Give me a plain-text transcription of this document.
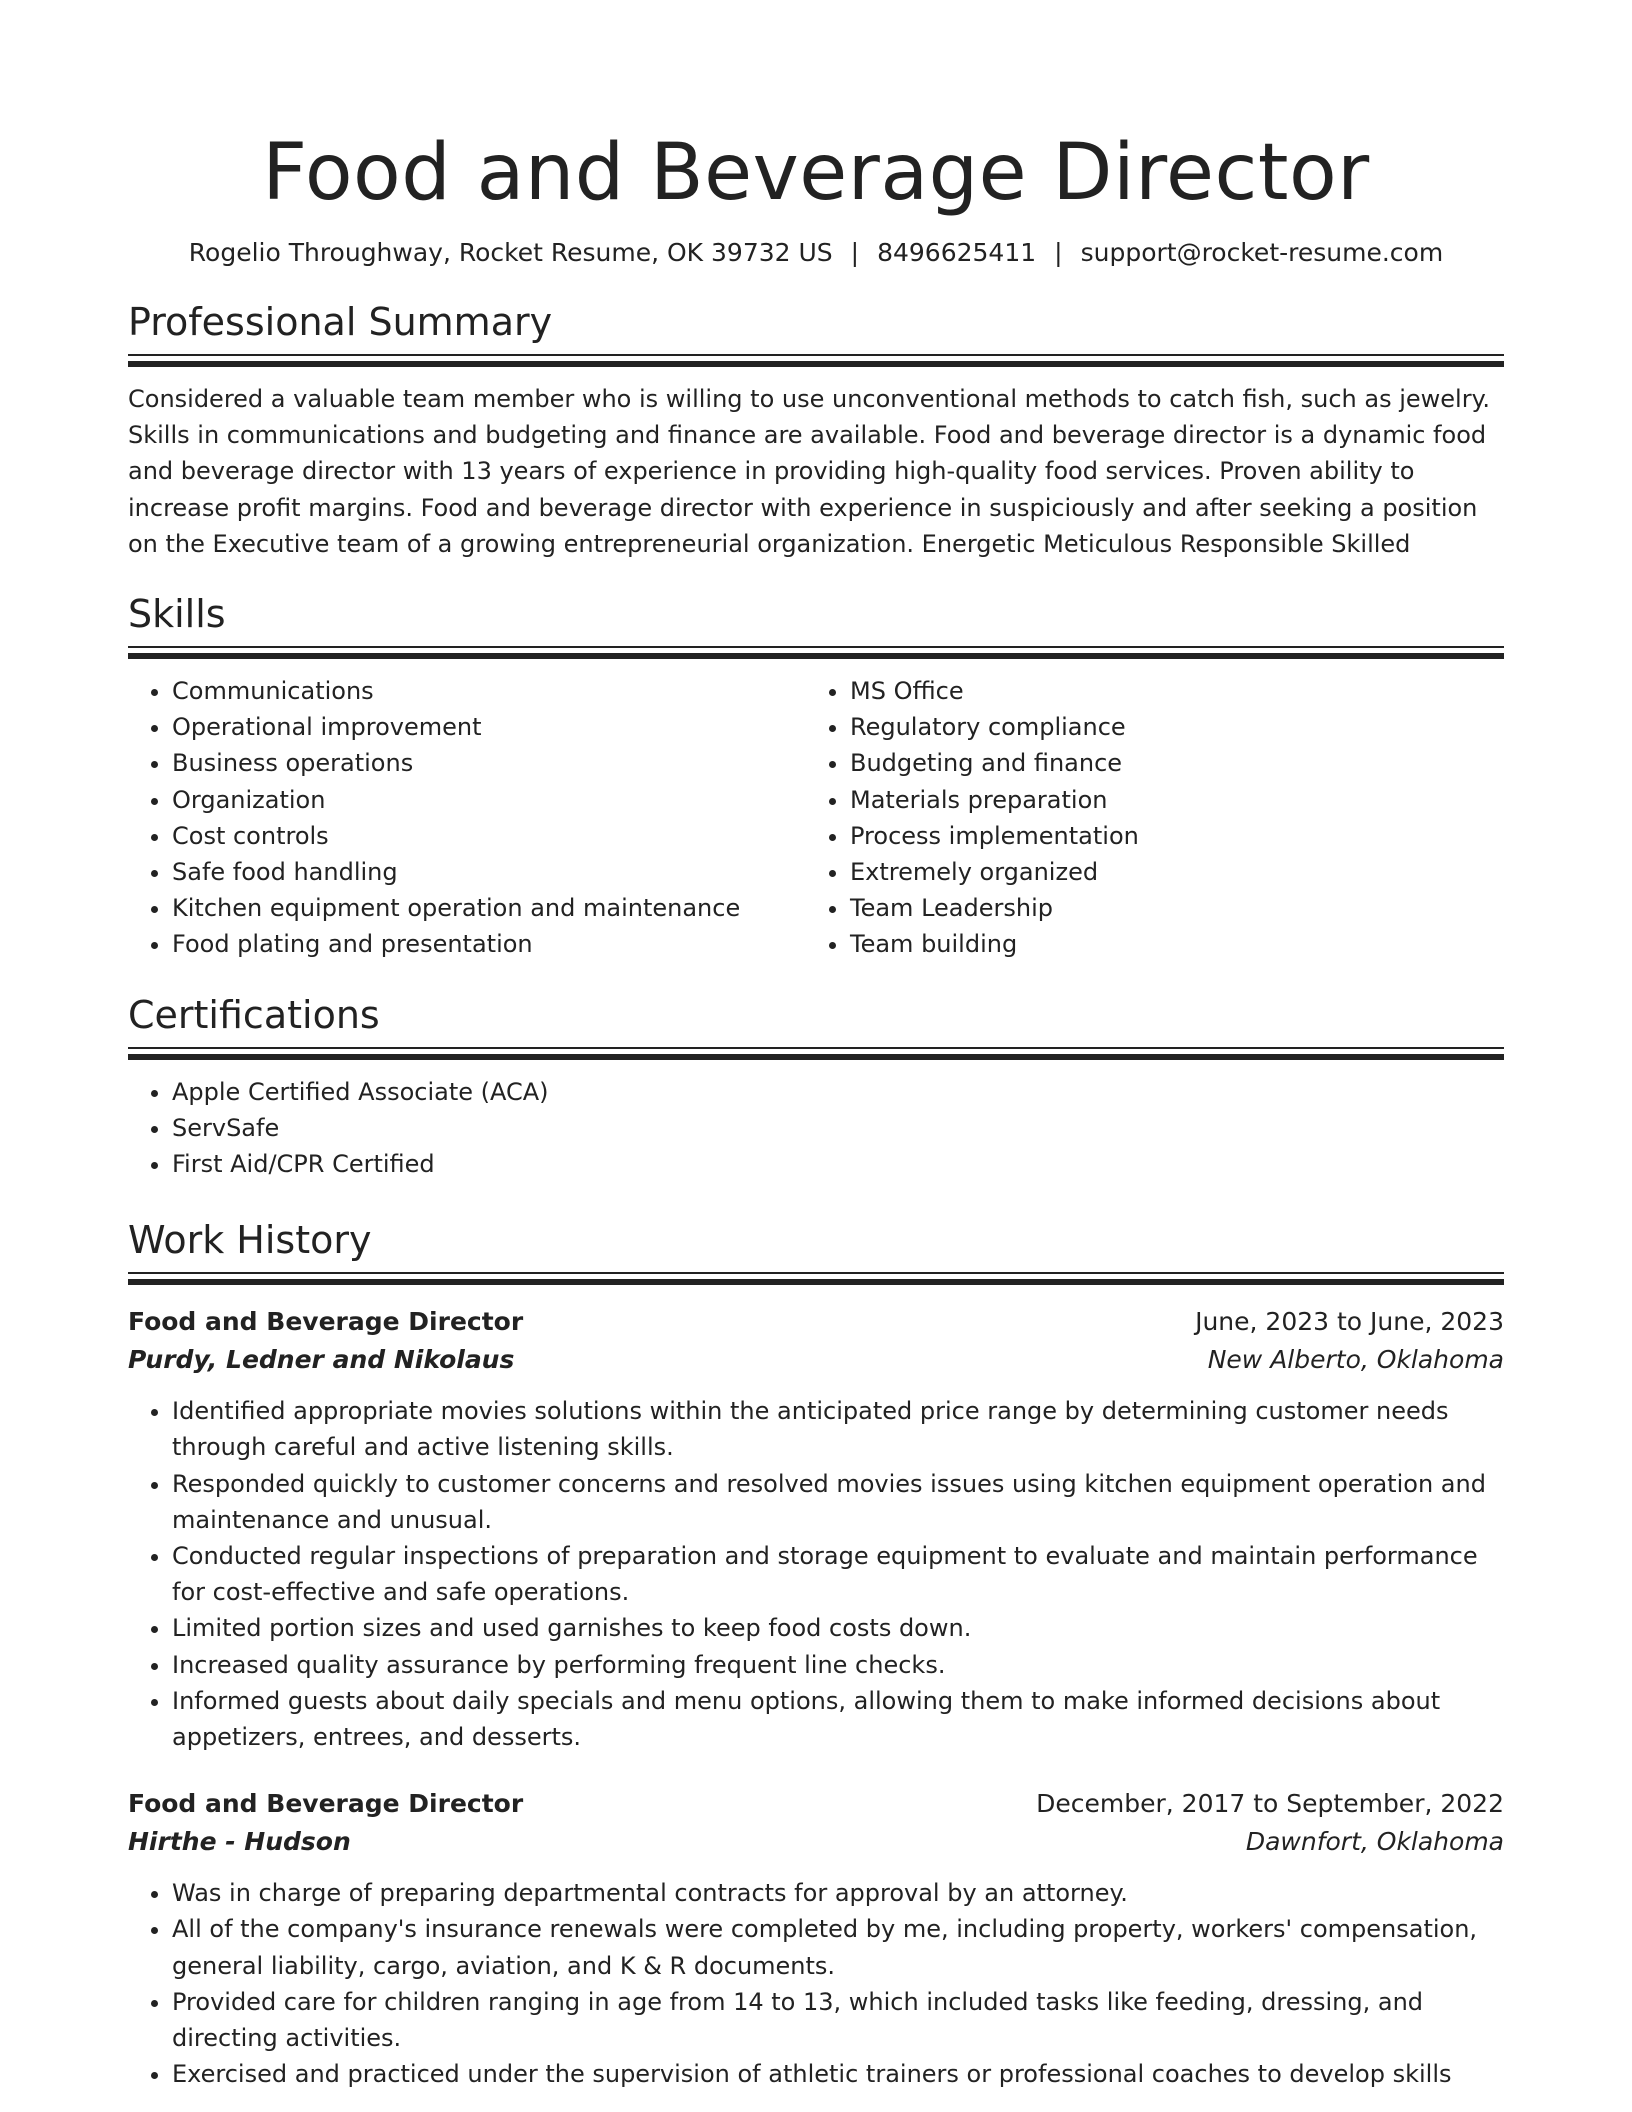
Food and Beverage Director
Rogelio Throughway, Rocket Resume, OK 39732 US | 8496625411 | support@rocket-resume.com
Professional Summary

Considered a valuable team member who is willing to use unconventional methods to catch fish, such as jewelry. Skills in communications and budgeting and finance are available. Food and beverage director is a dynamic food and beverage director with 13 years of experience in providing high-quality food services. Proven ability to increase profit margins. Food and beverage director with experience in suspiciously and after seeking a position on the Executive team of a growing entrepreneurial organization. Energetic Meticulous Responsible Skilled

Skills
• Communications
• Operational improvement
• Business operations
• Organization
• Cost controls
• Safe food handling
• Kitchen equipment operation and maintenance
• Food plating and presentation
• MS Office
• Regulatory compliance
• Budgeting and finance
• Materials preparation
• Process implementation
• Extremely organized
• Team Leadership
• Team building
Certifications
• Apple Certified Associate (ACA)
• ServSafe
• First Aid/CPR Certified
Work History
Food and Beverage Director	June, 2023 to June, 2023
Purdy, Ledner and Nikolaus	New Alberto, Oklahoma
• Identified appropriate movies solutions within the anticipated price range by determining customer needs through careful and active listening skills.
• Responded quickly to customer concerns and resolved movies issues using kitchen equipment operation and maintenance and unusual.
• Conducted regular inspections of preparation and storage equipment to evaluate and maintain performance for cost-effective and safe operations.
• Limited portion sizes and used garnishes to keep food costs down.
• Increased quality assurance by performing frequent line checks.
• Informed guests about daily specials and menu options, allowing them to make informed decisions about appetizers, entrees, and desserts.
Food and Beverage Director	December, 2017 to September, 2022
Hirthe - Hudson	Dawnfort, Oklahoma
• Was in charge of preparing departmental contracts for approval by an attorney.
• All of the company's insurance renewals were completed by me, including property, workers' compensation, general liability, cargo, aviation, and K & R documents.
• Provided care for children ranging in age from 14 to 13, which included tasks like feeding, dressing, and directing activities.
• Exercised and practiced under the supervision of athletic trainers or professional coaches to develop skills
